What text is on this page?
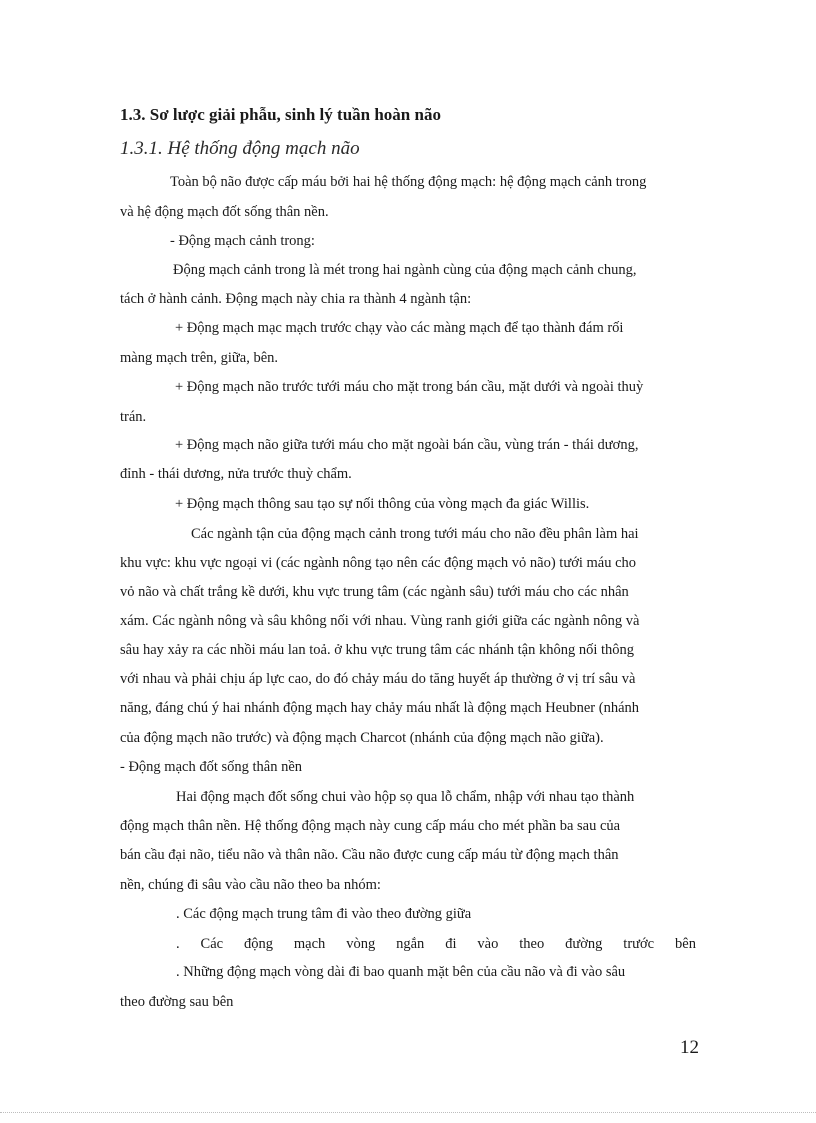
1.3. Sơ lược giải phẫu, sinh lý tuần hoàn não
1.3.1. Hệ thống động mạch não
Toàn bộ não được cấp máu bởi hai hệ thống động mạch: hệ động mạch cảnh trong
và hệ động mạch đốt sống thân nền.
- Động mạch cảnh trong:
Động mạch cảnh trong là mét trong hai ngành cùng của động mạch cảnh chung,
tách ở hành cảnh. Động mạch này chia ra thành 4 ngành tận:
+ Động mạch mạc mạch trước chạy vào các màng mạch để tạo thành đám rối
màng mạch trên, giữa, bên.
+ Động mạch não trước tưới máu cho mặt trong bán cầu, mặt dưới và ngoài thuỳ
trán.
+ Động mạch não giữa tưới máu cho mặt ngoài bán cầu, vùng trán - thái dương,
đỉnh - thái dương, nửa trước thuỳ chẩm.
+ Động mạch thông sau tạo sự nối thông của vòng mạch đa giác Willis.
Các ngành tận của động mạch cảnh trong tưới máu cho não đều phân làm hai
khu vực: khu vực ngoại vi (các ngành nông tạo nên các động mạch vỏ não) tưới máu cho
vỏ não và chất trắng kề dưới, khu vực trung tâm (các ngành sâu) tưới máu cho các nhân
xám. Các ngành nông và sâu không nối với nhau. Vùng ranh giới giữa các ngành nông và
sâu hay xảy ra các nhồi máu lan toả. ở khu vực trung tâm các nhánh tận không nối thông
với nhau và phải chịu áp lực cao, do đó chảy máu do tăng huyết áp thường ở vị trí sâu và
năng, đáng chú ý hai nhánh động mạch hay chảy máu nhất là động mạch Heubner (nhánh
của động mạch não trước) và động mạch Charcot (nhánh của động mạch não giữa).
- Động mạch đốt sống thân nền
Hai động mạch đốt sống chui vào hộp sọ qua lỗ chẩm, nhập với nhau tạo thành
động mạch thân nền. Hệ thống động mạch này cung cấp máu cho mét phần ba sau của
bán cầu đại não, tiểu não và thân não. Cầu não được cung cấp máu từ động mạch thân
nền, chúng đi sâu vào cầu não theo ba nhóm:
. Các động mạch trung tâm đi vào theo đường giữa
. Các động mạch vòng ngắn đi vào theo đường trước bên
. Những động mạch vòng dài đi bao quanh mặt bên của cầu não và đi vào sâu
theo đường sau bên
12
